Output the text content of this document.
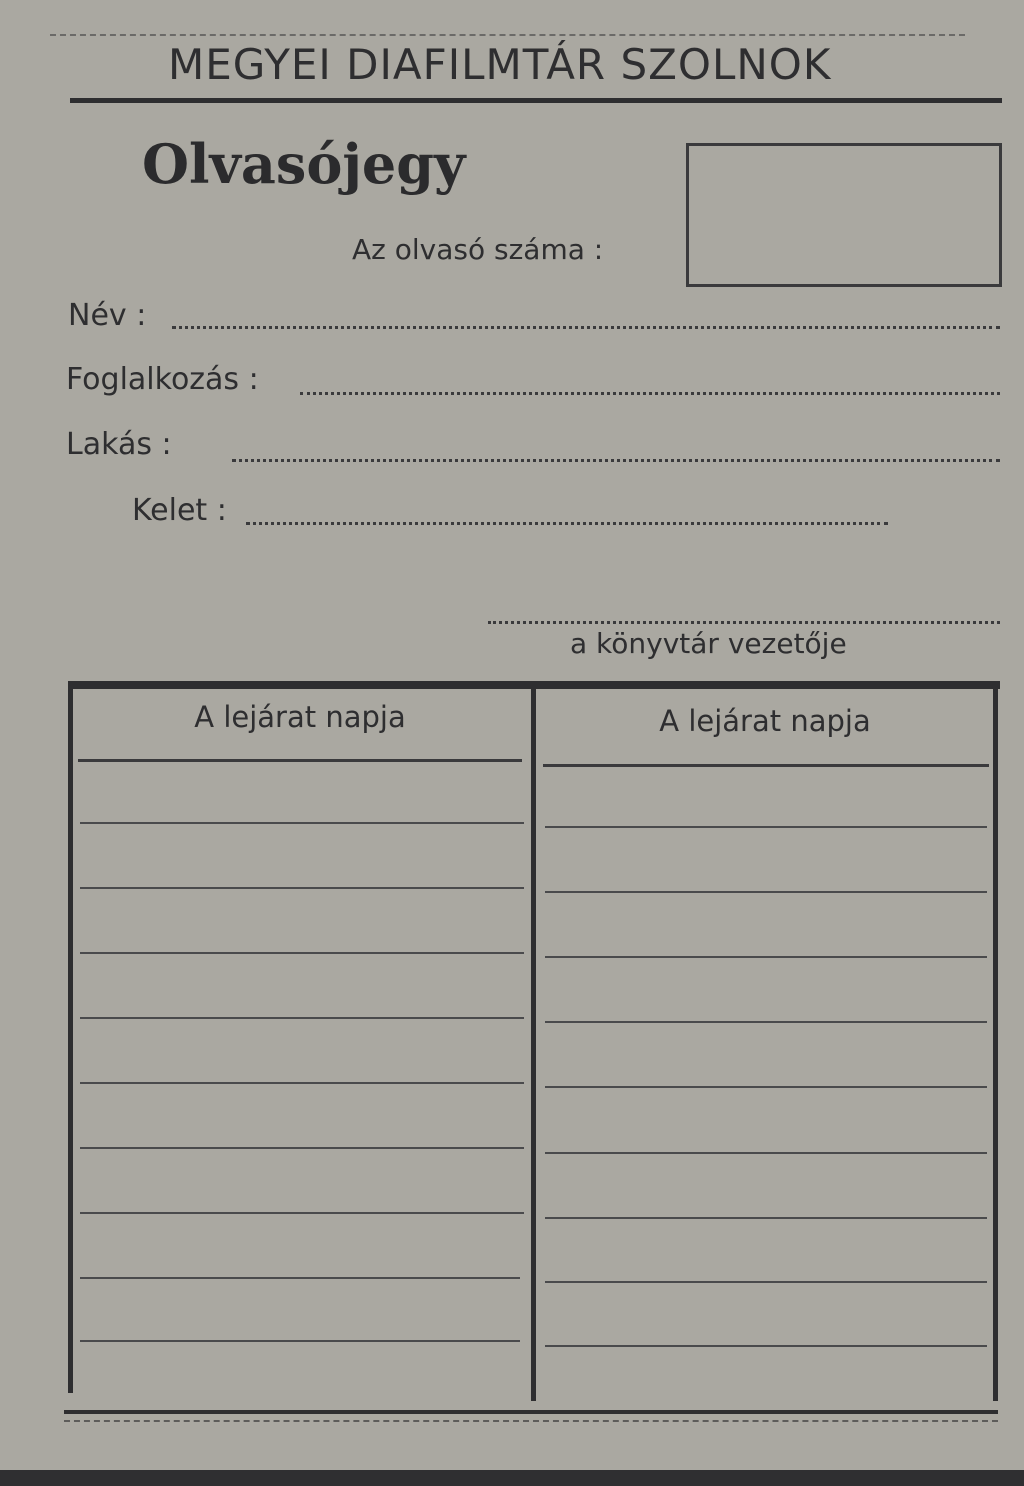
MEGYEI DIAFILMTÁR SZOLNOK
Olvasójegy
Az olvasó száma :
Név :
Foglalkozás :
Lakás :
Kelet :
a könyvtár vezetője
A lejárat napja	A lejárat napja
